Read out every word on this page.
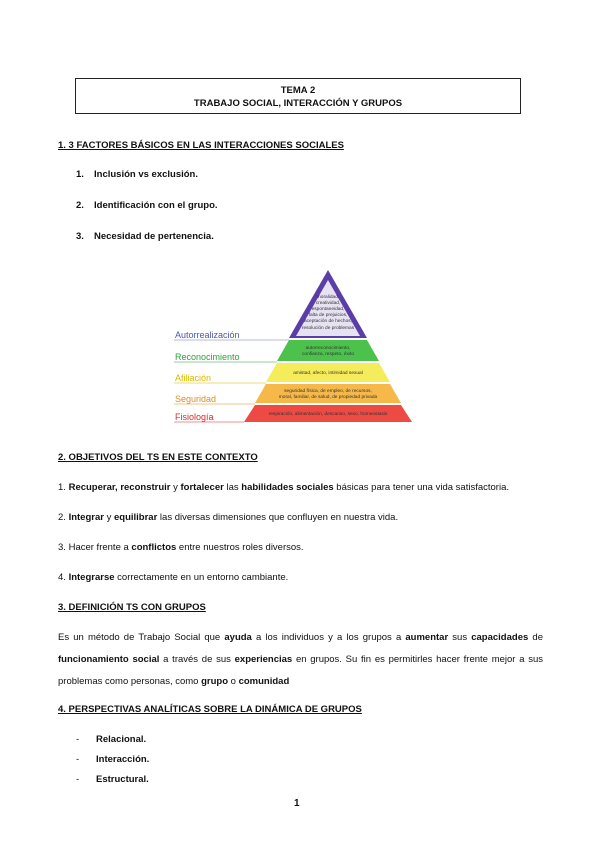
TEMA 2
TRABAJO SOCIAL, INTERACCIÓN Y GRUPOS
1. 3 FACTORES BÁSICOS EN LAS INTERACCIONES SOCIALES
1. Inclusión vs exclusión.
2. Identificación con el grupo.
3. Necesidad de pertenencia.
moralidad,
creatividad,
espontaneidad,
falta de prejuicios,
aceptación de hechos,
resolución de problemas
autorreconocimiento,
confianza, respeto, éxito
amistad, afecto, intimidad sexual
seguridad física, de empleo, de recursos,
moral, familiar, de salud, de propiedad privada
respiración, alimentación, descanso, sexo, homeostasis
Autorrealización
Reconocimiento
Afiliación
Seguridad
Fisiología
2. OBJETIVOS DEL TS EN ESTE CONTEXTO
1. Recuperar, reconstruir y fortalecer las habilidades sociales básicas para tener una vida satisfactoria.
2. Integrar y equilibrar las diversas dimensiones que confluyen en nuestra vida.
3. Hacer frente a conflictos entre nuestros roles diversos.
4. Integrarse correctamente en un entorno cambiante.
3. DEFINICIÓN TS CON GRUPOS
Es un método de Trabajo Social que ayuda a los individuos y a los grupos a aumentar sus capacidades de funcionamiento social a través de sus experiencias en grupos. Su fin es permitirles hacer frente mejor a sus problemas como personas, como grupo o comunidad
4. PERSPECTIVAS ANALÍTICAS SOBRE LA DINÁMICA DE GRUPOS
- Relacional.
- Interacción.
- Estructural.
1
